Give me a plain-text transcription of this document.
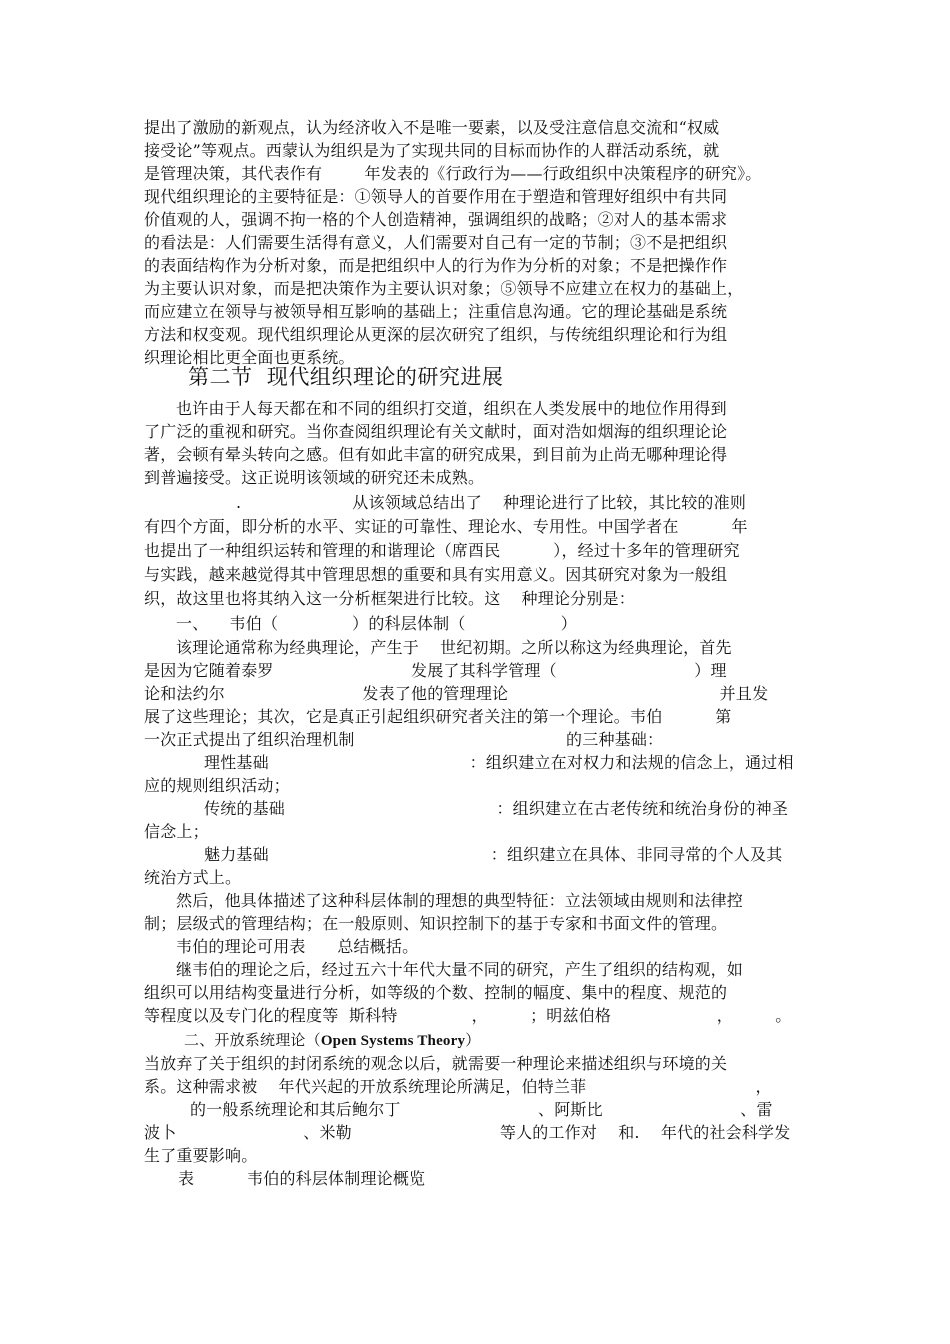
提出了激励的新观点，认为经济收入不是唯一要素，以及受注意信息交流和“权威
接受论”等观点。西蒙认为组织是为了实现共同的目标而协作的人群活动系统，就
是管理决策，其代表作有        年发表的《行政行为——行政组织中决策程序的研究》。
现代组织理论的主要特征是：①领导人的首要作用在于塑造和管理好组织中有共同
价值观的人，强调不拘一格的个人创造精神，强调组织的战略；②对人的基本需求
的看法是：人们需要生活得有意义，人们需要对自己有一定的节制；③不是把组织
的表面结构作为分析对象，而是把组织中人的行为作为分析的对象；不是把操作作
为主要认识对象，而是把决策作为主要认识对象；⑤领导不应建立在权力的基础上，
而应建立在领导与被领导相互影响的基础上；注重信息沟通。它的理论基础是系统
方法和权变观。现代组织理论从更深的层次研究了组织，与传统组织理论和行为组
织理论相比更全面也更系统。
第二节  现代组织理论的研究进展
也许由于人每天都在和不同的组织打交道，组织在人类发展中的地位作用得到
了广泛的重视和研究。当你查阅组织理论有关文献时，面对浩如烟海的组织理论论
著，会顿有晕头转向之感。但有如此丰富的研究成果，到目前为止尚无哪种理论得
到普遍接受。这正说明该领域的研究还未成熟。
.                     从该领域总结出了    种理论进行了比较，其比较的准则
有四个方面，即分析的水平、实证的可靠性、理论水、专用性。中国学者在          年
也提出了一种组织运转和管理的和谐理论（席酉民          ），经过十多年的管理研究
与实践，越来越觉得其中管理思想的重要和具有实用意义。因其研究对象为一般组
织，故这里也将其纳入这一分析框架进行比较。这    种理论分别是：
一、    韦伯（              ）的科层体制（                  ）
该理论通常称为经典理论，产生于    世纪初期。之所以称这为经典理论，首先
是因为它随着泰罗                          发展了其科学管理（                          ）理
论和法约尔                          发表了他的管理理论                                        并且发
展了这些理论；其次，它是真正引起组织研究者关注的第一个理论。韦伯          第
一次正式提出了组织治理机制                                        的三种基础：
理性基础                                      ：组织建立在对权力和法规的信念上，通过相
应的规则组织活动；
传统的基础                                        ：组织建立在古老传统和统治身份的神圣
信念上；
魅力基础                                          ：组织建立在具体、非同寻常的个人及其
统治方式上。
然后，他具体描述了这种科层体制的理想的典型特征：立法领域由规则和法律控
制；层级式的管理结构；在一般原则、知识控制下的基于专家和书面文件的管理。
韦伯的理论可用表      总结概括。
继韦伯的理论之后，经过五六十年代大量不同的研究，产生了组织的结构观，如
组织可以用结构变量进行分析，如等级的个数、控制的幅度、集中的程度、规范的
等程度以及专门化的程度等  斯科特              ，        ；明兹伯格                    ，        。
二、开放系统理论（Open Systems Theory）
当放弃了关于组织的封闭系统的观念以后，就需要一种理论来描述组织与环境的关
系。这种需求被    年代兴起的开放系统理论所满足，伯特兰菲                                ，
的一般系统理论和其后鲍尔丁                          、阿斯比                          、雷
波卜                        、米勒                            等人的工作对    和.    年代的社会科学发
生了重要影响。
表          韦伯的科层体制理论概览
